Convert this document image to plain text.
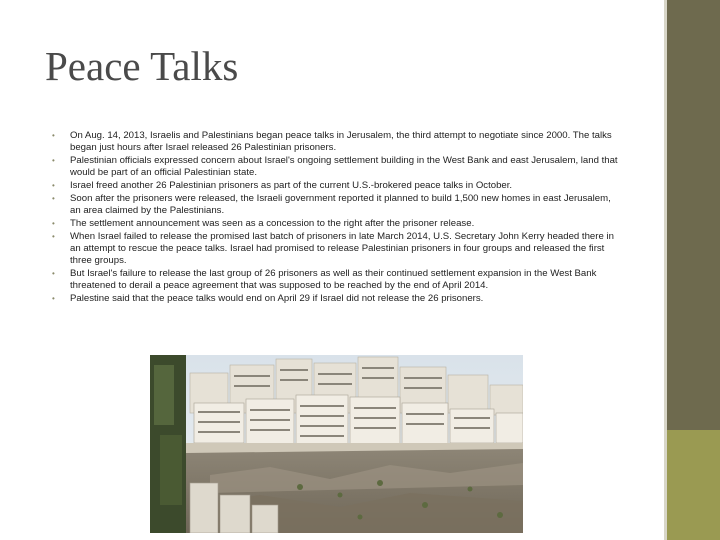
Peace Talks
• On Aug. 14, 2013, Israelis and Palestinians began peace talks in Jerusalem, the third attempt to negotiate since 2000. The talks began just hours after Israel released 26 Palestinian prisoners.
• Palestinian officials expressed concern about Israel's ongoing settlement building in the West Bank and east Jerusalem, land that would be part of an official Palestinian state.
• Israel freed another 26 Palestinian prisoners as part of the current U.S.-brokered peace talks in October.
• Soon after the prisoners were released, the Israeli government reported it planned to build 1,500 new homes in east Jerusalem, an area claimed by the Palestinians.
• The settlement announcement was seen as a concession to the right after the prisoner release.
• When Israel failed to release the promised last batch of prisoners in late March 2014, U.S. Secretary John Kerry headed there in an attempt to rescue the peace talks. Israel had promised to release Palestinian prisoners in four groups and released the first three groups.
• But Israel's failure to release the last group of 26 prisoners as well as their continued settlement expansion in the West Bank threatened to derail a peace agreement that was supposed to be reached by the end of April 2014.
• Palestine said that the peace talks would end on April 29 if Israel did not release the 26 prisoners.
